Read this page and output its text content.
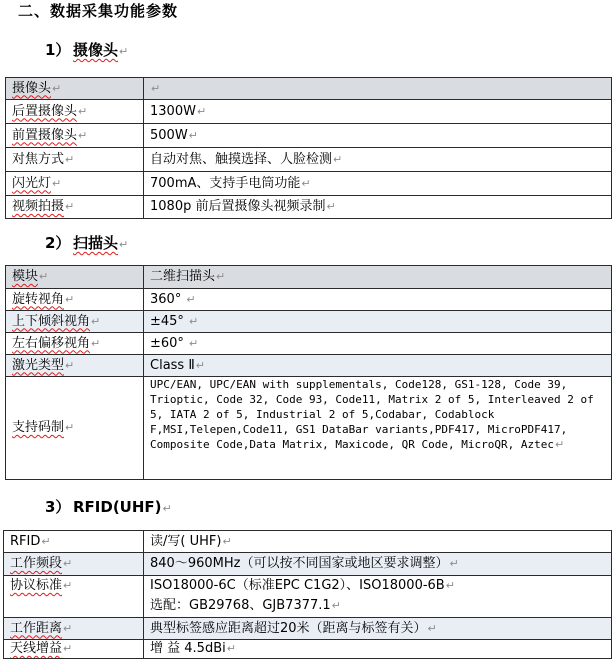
二、数据采集功能参数
1） 摄像头↵
摄像头↵	↵
后置摄像头↵	1300W↵
前置摄像头↵	500W↵
对焦方式↵	自动对焦、触摸选择、人脸检测↵
闪光灯↵	700mA、支持手电筒功能↵
视频拍摄↵	1080p 前后置摄像头视频录制↵
2） 扫描头↵
模块↵	二维扫描头↵
旋转视角↵	360° ↵
上下倾斜视角↵	±45° ↵
左右偏移视角↵	±60° ↵
激光类型↵	Class Ⅱ↵
支持码制↵	UPC/EAN, UPC/EAN with supplementals, Code128, GS1-128, Code 39,
Trioptic, Code 32, Code 93, Code11, Matrix 2 of 5, Interleaved 2 of
5, IATA 2 of 5, Industrial 2 of 5,Codabar, Codablock
F,MSI,Telepen,Code11, GS1 DataBar variants,PDF417, MicroPDF417,
Composite Code,Data Matrix, Maxicode, QR Code, MicroQR, Aztec↵
3） RFID(UHF)↵
RFID↵	读/写( UHF)↵
工作频段↵	840～960MHz（可以按不同国家或地区要求调整）↵
协议标准↵	ISO18000-6C（标准EPC C1G2）、ISO18000-6B↵
选配：GB29768、GJB7377.1↵

工作距离↵	典型标签感应距离超过20米（距离与标签有关）↵
天线增益↵	增 益 4.5dBi↵
